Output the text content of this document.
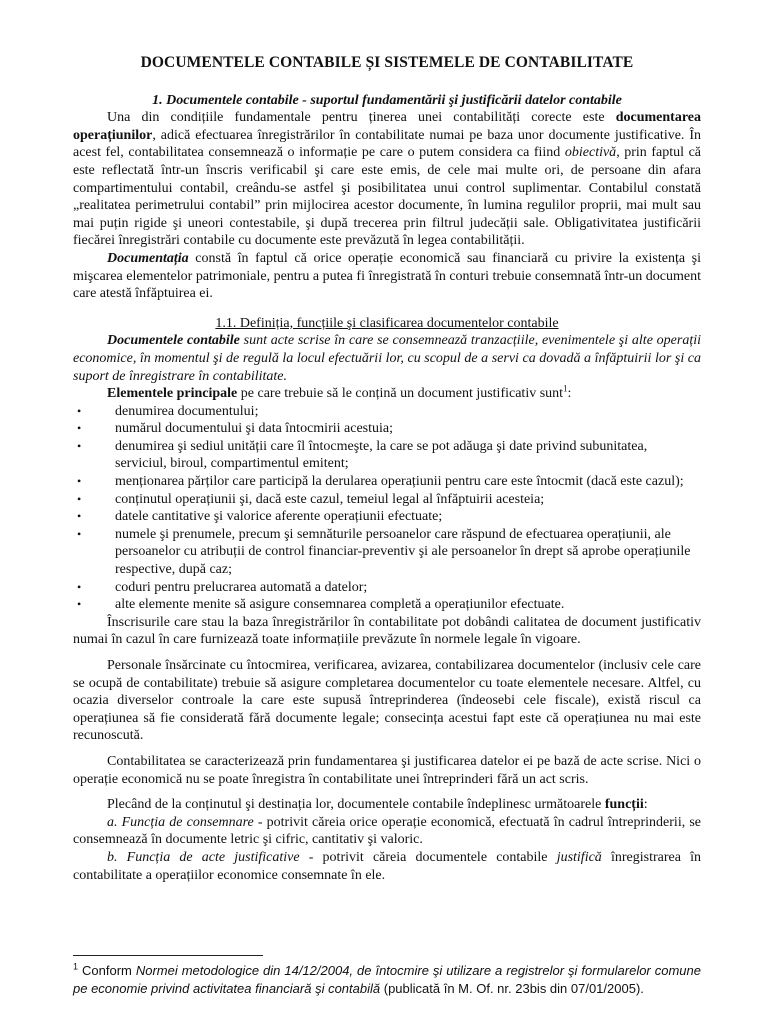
DOCUMENTELE CONTABILE ȘI SISTEMELE DE CONTABILITATE
1. Documentele contabile - suportul fundamentării şi justificării datelor contabile

Una din condițiile fundamentale pentru ținerea unei contabilități corecte este documentarea operațiunilor, adică efectuarea înregistrărilor în contabilitate numai pe baza unor documente justificative. În acest fel, contabilitatea consemnează o informație pe care o putem considera ca fiind obiectivă, prin faptul că este reflectată într-un înscris verificabil şi care este emis, de cele mai multe ori, de persoane din afara compartimentului contabil, creându-se astfel şi posibilitatea unui control suplimentar. Contabilul constată „realitatea perimetrului contabil” prin mijlocirea acestor documente, în lumina regulilor proprii, mai mult sau mai puțin rigide şi uneori contestabile, şi după trecerea prin filtrul judecății sale. Obligativitatea justificării fiecărei înregistrări contabile cu documente este prevăzută în legea contabilității.

Documentația constă în faptul că orice operație economică sau financiară cu privire la existența şi mişcarea elementelor patrimoniale, pentru a putea fi înregistrată în conturi trebuie consemnată într-un document care atestă înfăptuirea ei.

1.1. Definiția, funcțiile şi clasificarea documentelor contabile

Documentele contabile sunt acte scrise în care se consemnează tranzacțiile, evenimentele şi alte operații economice, în momentul şi de regulă la locul efectuării lor, cu scopul de a servi ca dovadă a înfăptuirii lor şi ca suport de înregistrare în contabilitate.

Elementele principale pe care trebuie să le conțină un document justificativ sunt$^1$:

• denumirea documentului;
• numărul documentului şi data întocmirii acestuia;
• denumirea şi sediul unității care îl întocmeşte, la care se pot adăuga şi date privind subunitatea, serviciul, biroul, compartimentul emitent;
• menționarea părților care participă la derularea operațiunii pentru care este întocmit (dacă este cazul);
• conținutul operațiunii şi, dacă este cazul, temeiul legal al înfăptuirii acesteia;
• datele cantitative şi valorice aferente operațiunii efectuate;
• numele şi prenumele, precum şi semnăturile persoanelor care răspund de efectuarea operațiunii, ale persoanelor cu atribuții de control financiar-preventiv şi ale persoanelor în drept să aprobe operațiunile respective, după caz;
• coduri pentru prelucrarea automată a datelor;
• alte elemente menite să asigure consemnarea completă a operațiunilor efectuate.

Înscrisurile care stau la baza înregistrărilor în contabilitate pot dobândi calitatea de document justificativ numai în cazul în care furnizează toate informațiile prevăzute în normele legale în vigoare.

Personale însărcinate cu întocmirea, verificarea, avizarea, contabilizarea documentelor (inclusiv cele care se ocupă de contabilitate) trebuie să asigure completarea documentelor cu toate elementele necesare. Altfel, cu ocazia diverselor controale la care este supusă întreprinderea (îndeosebi cele fiscale), există riscul ca operațiunea să fie considerată fără documente legale; consecința acestui fapt este că operațiunea nu mai este recunoscută.

Contabilitatea se caracterizează prin fundamentarea şi justificarea datelor ei pe bază de acte scrise. Nici o operație economică nu se poate înregistra în contabilitate unei întreprinderi fără un act scris.

Plecând de la conținutul şi destinația lor, documentele contabile îndeplinesc următoarele funcții:

a. Funcția de consemnare - potrivit căreia orice operație economică, efectuată în cadrul întreprinderii, se consemnează în documente letric şi cifric, cantitativ şi valoric.

b. Funcția de acte justificative - potrivit căreia documentele contabile justifică înregistrarea în contabilitate a operațiilor economice consemnate în ele.

$^1$ Conform Normei metodologice din 14/12/2004, de întocmire şi utilizare a registrelor şi formularelor comune pe economie privind activitatea financiară şi contabilă (publicată în M. Of. nr. 23bis din 07/01/2005).
